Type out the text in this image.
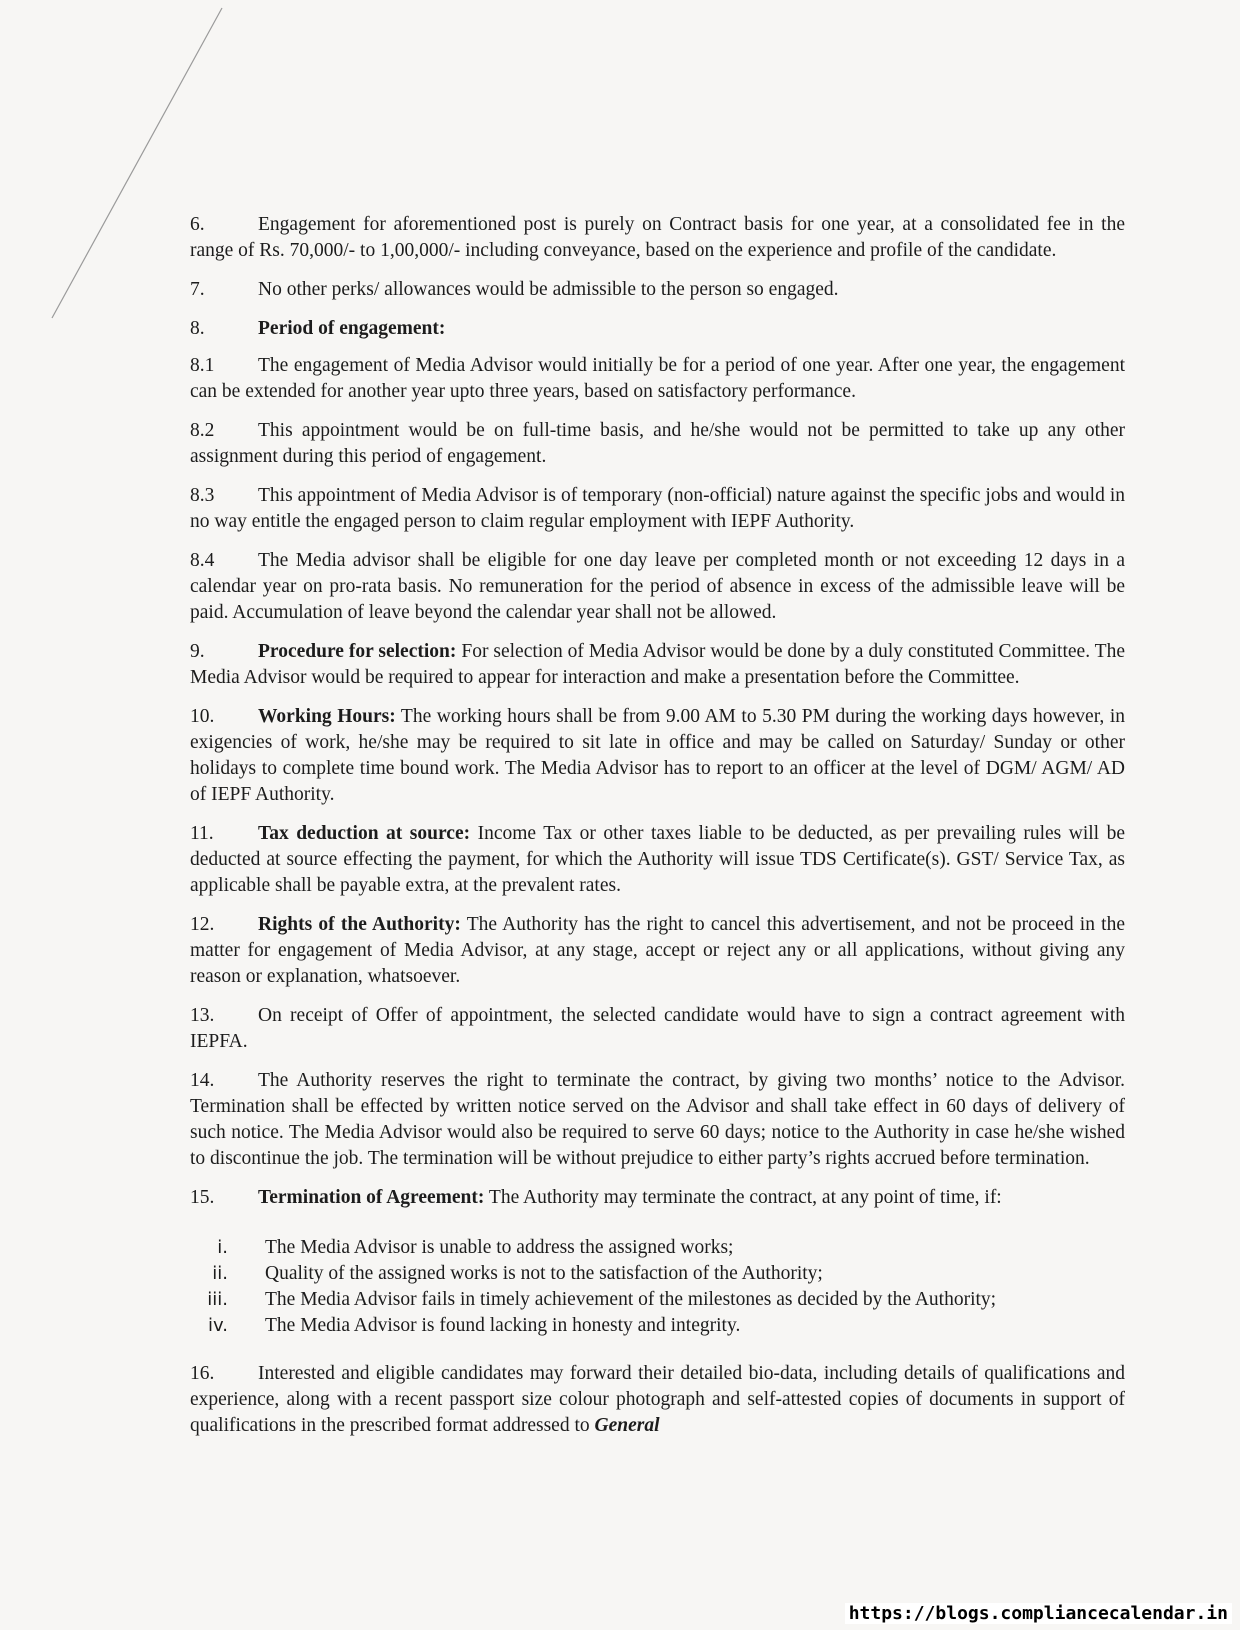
6.	Engagement for aforementioned post is purely on Contract basis for one year, at a consolidated fee in the range of Rs. 70,000/- to 1,00,000/- including conveyance, based on the experience and profile of the candidate.

7.	No other perks/ allowances would be admissible to the person so engaged.

8.	Period of engagement:

8.1 The engagement of Media Advisor would initially be for a period of one year. After one year, the engagement can be extended for another year upto three years, based on satisfactory performance.

8.2 This appointment would be on full-time basis, and he/she would not be permitted to take up any other assignment during this period of engagement.

8.3 This appointment of Media Advisor is of temporary (non-official) nature against the specific jobs and would in no way entitle the engaged person to claim regular employment with IEPF Authority.

8.4 The Media advisor shall be eligible for one day leave per completed month or not exceeding 12 days in a calendar year on pro-rata basis. No remuneration for the period of absence in excess of the admissible leave will be paid. Accumulation of leave beyond the calendar year shall not be allowed.

9.	Procedure for selection: For selection of Media Advisor would be done by a duly constituted Committee. The Media Advisor would be required to appear for interaction and make a presentation before the Committee.

10. Working Hours: The working hours shall be from 9.00 AM to 5.30 PM during the working days however, in exigencies of work, he/she may be required to sit late in office and may be called on Saturday/ Sunday or other holidays to complete time bound work. The Media Advisor has to report to an officer at the level of DGM/ AGM/ AD of IEPF Authority.

11. Tax deduction at source: Income Tax or other taxes liable to be deducted, as per prevailing rules will be deducted at source effecting the payment, for which the Authority will issue TDS Certificate(s). GST/ Service Tax, as applicable shall be payable extra, at the prevalent rates.

12. Rights of the Authority: The Authority has the right to cancel this advertisement, and not be proceed in the matter for engagement of Media Advisor, at any stage, accept or reject any or all applications, without giving any reason or explanation, whatsoever.

13. On receipt of Offer of appointment, the selected candidate would have to sign a contract agreement with IEPFA.

14. The Authority reserves the right to terminate the contract, by giving two months’ notice to the Advisor. Termination shall be effected by written notice served on the Advisor and shall take effect in 60 days of delivery of such notice. The Media Advisor would also be required to serve 60 days; notice to the Authority in case he/she wished to discontinue the job. The termination will be without prejudice to either party’s rights accrued before termination.

15. Termination of Agreement: The Authority may terminate the contract, at any point of time, if:

i. The Media Advisor is unable to address the assigned works;
ii. Quality of the assigned works is not to the satisfaction of the Authority;
iii. The Media Advisor fails in timely achievement of the milestones as decided by the Authority;
iv. The Media Advisor is found lacking in honesty and integrity.

16. Interested and eligible candidates may forward their detailed bio-data, including details of qualifications and experience, along with a recent passport size colour photograph and self-attested copies of documents in support of qualifications in the prescribed format addressed to General

https://blogs.compliancecalendar.in
